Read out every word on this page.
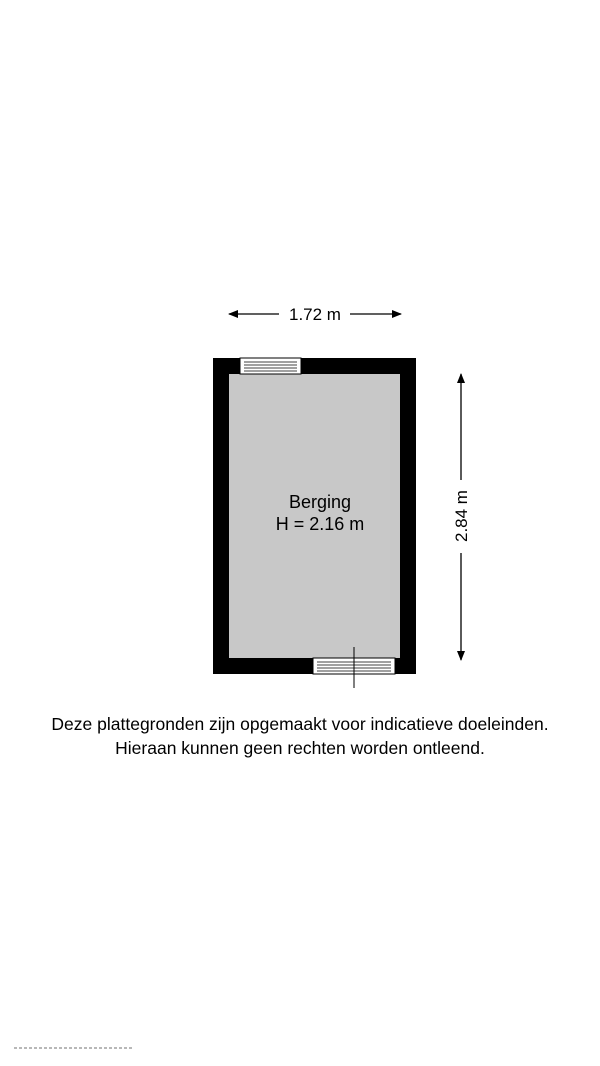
1.72 m
2.84 m
Berging
H = 2.16 m
Deze plattegronden zijn opgemaakt voor indicatieve doeleinden.
Hieraan kunnen geen rechten worden ontleend.
